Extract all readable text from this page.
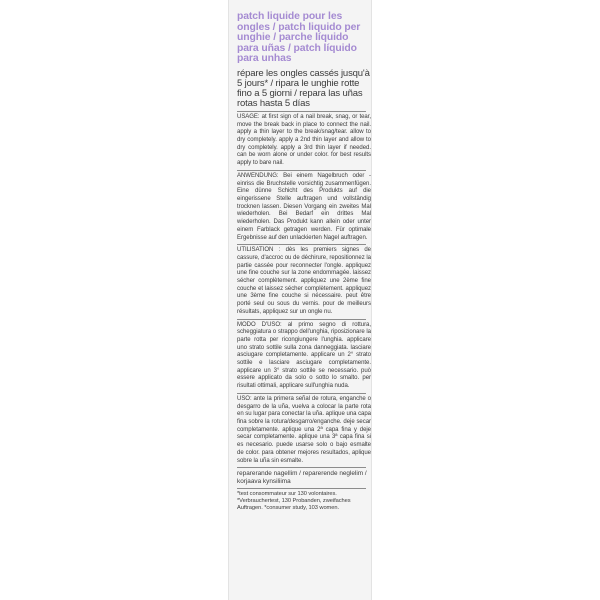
patch liquide pour les ongles / patch liquido per unghie / parche líquido para uñas / patch líquido para unhas
répare les ongles cassés jusqu'à 5 jours* / ripara le unghie rotte fino a 5 giorni / repara las uñas rotas hasta 5 días

USAGE: at first sign of a nail break, snag, or tear, move the break back in place to connect the nail. apply a thin layer to the break/snag/tear. allow to dry completely. apply a 2nd thin layer and allow to dry completely. apply a 3rd thin layer if needed. can be worn alone or under color. for best results apply to bare nail.

ANWENDUNG: Bei einem Nagelbruch oder -einriss die Bruchstelle vorsichtig zusammenfügen. Eine dünne Schicht des Produkts auf die eingerissene Stelle auftragen und vollständig trocknen lassen. Diesen Vorgang ein zweites Mal wiederholen. Bei Bedarf ein drittes Mal wiederholen. Das Produkt kann allein oder unter einem Farblack getragen werden. Für optimale Ergebnisse auf den unlackierten Nagel auftragen.

UTILISATION : dès les premiers signes de cassure, d'accroc ou de déchirure, repositionnez la partie cassée pour reconnecter l'ongle. appliquez une fine couche sur la zone endommagée. laissez sécher complètement. appliquez une 2ème fine couche et laissez sécher complètement. appliquez une 3ème fine couche si nécessaire. peut être porté seul ou sous du vernis. pour de meilleurs résultats, appliquez sur un ongle nu.

MODO D'USO: al primo segno di rottura, scheggiatura o strappo dell'unghia, riposizionare la parte rotta per ricongiungere l'unghia. applicare uno strato sottile sulla zona danneggiata. lasciare asciugare completamente. applicare un 2° strato sottile e lasciare asciugare completamente. applicare un 3° strato sottile se necessario. può essere applicato da solo o sotto lo smalto. per risultati ottimali, applicare sull'unghia nuda.

USO: ante la primera señal de rotura, enganche o desgarro de la uña, vuelva a colocar la parte rota en su lugar para conectar la uña. aplique una capa fina sobre la rotura/desgarro/enganche. deje secar completamente. aplique una 2ª capa fina y deje secar completamente. aplique una 3ª capa fina si es necesario. puede usarse solo o bajo esmalte de color. para obtener mejores resultados, aplique sobre la uña sin esmalte.

reparerande nagellim / reparerende neglelim / korjaava kynsiliima

*test consommateur sur 130 volontaires. *Verbrauchertest, 130 Probanden, zweifaches Auftragen. *consumer study, 103 women.
